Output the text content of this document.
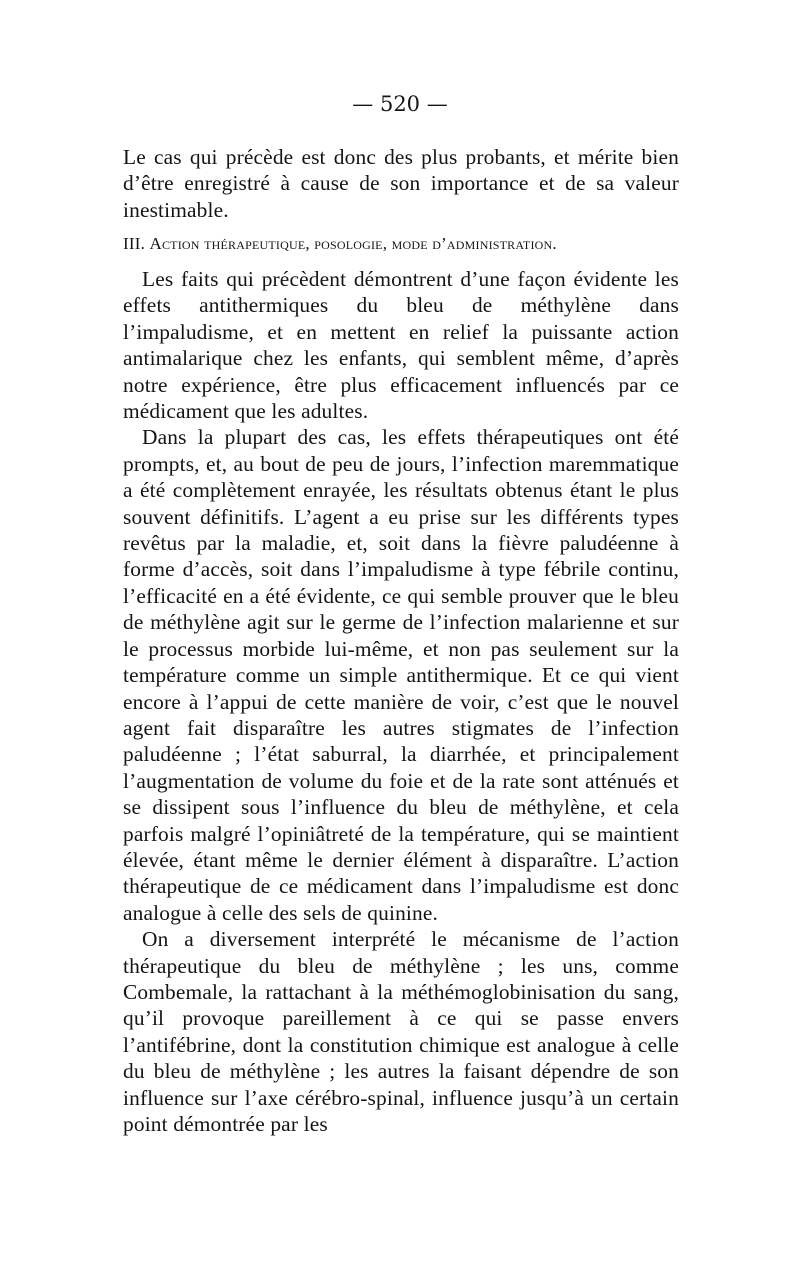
— 520 —
Le cas qui précède est donc des plus probants, et mérite bien d’être enregistré à cause de son importance et de sa valeur inestimable.
III. Action thérapeutique, posologie, mode d’administration.

Les faits qui précèdent démontrent d’une façon évidente les effets antithermiques du bleu de méthylène dans l’impaludisme, et en mettent en relief la puissante action antimalarique chez les enfants, qui semblent même, d’après notre expérience, être plus efficacement influencés par ce médicament que les adultes.

Dans la plupart des cas, les effets thérapeutiques ont été prompts, et, au bout de peu de jours, l’infection maremmatique a été complètement enrayée, les résultats obtenus étant le plus souvent définitifs. L’agent a eu prise sur les différents types revêtus par la maladie, et, soit dans la fièvre paludéenne à forme d’accès, soit dans l’impaludisme à type fébrile continu, l’efficacité en a été évidente, ce qui semble prouver que le bleu de méthylène agit sur le germe de l’infection malarienne et sur le processus morbide lui-même, et non pas seulement sur la température comme un simple antithermique. Et ce qui vient encore à l’appui de cette manière de voir, c’est que le nouvel agent fait disparaître les autres stigmates de l’infection paludéenne ; l’état saburral, la diarrhée, et principalement l’augmentation de volume du foie et de la rate sont atténués et se dissipent sous l’influence du bleu de méthylène, et cela parfois malgré l’opiniâtreté de la température, qui se maintient élevée, étant même le dernier élément à disparaître. L’action thérapeutique de ce médicament dans l’impaludisme est donc analogue à celle des sels de quinine.

On a diversement interprété le mécanisme de l’action thérapeutique du bleu de méthylène ; les uns, comme Combemale, la rattachant à la méthémoglobinisation du sang, qu’il provoque pareillement à ce qui se passe envers l’antifébrine, dont la constitution chimique est analogue à celle du bleu de méthylène ; les autres la faisant dépendre de son influence sur l’axe cérébro-spinal, influence jusqu’à un certain point démontrée par les
